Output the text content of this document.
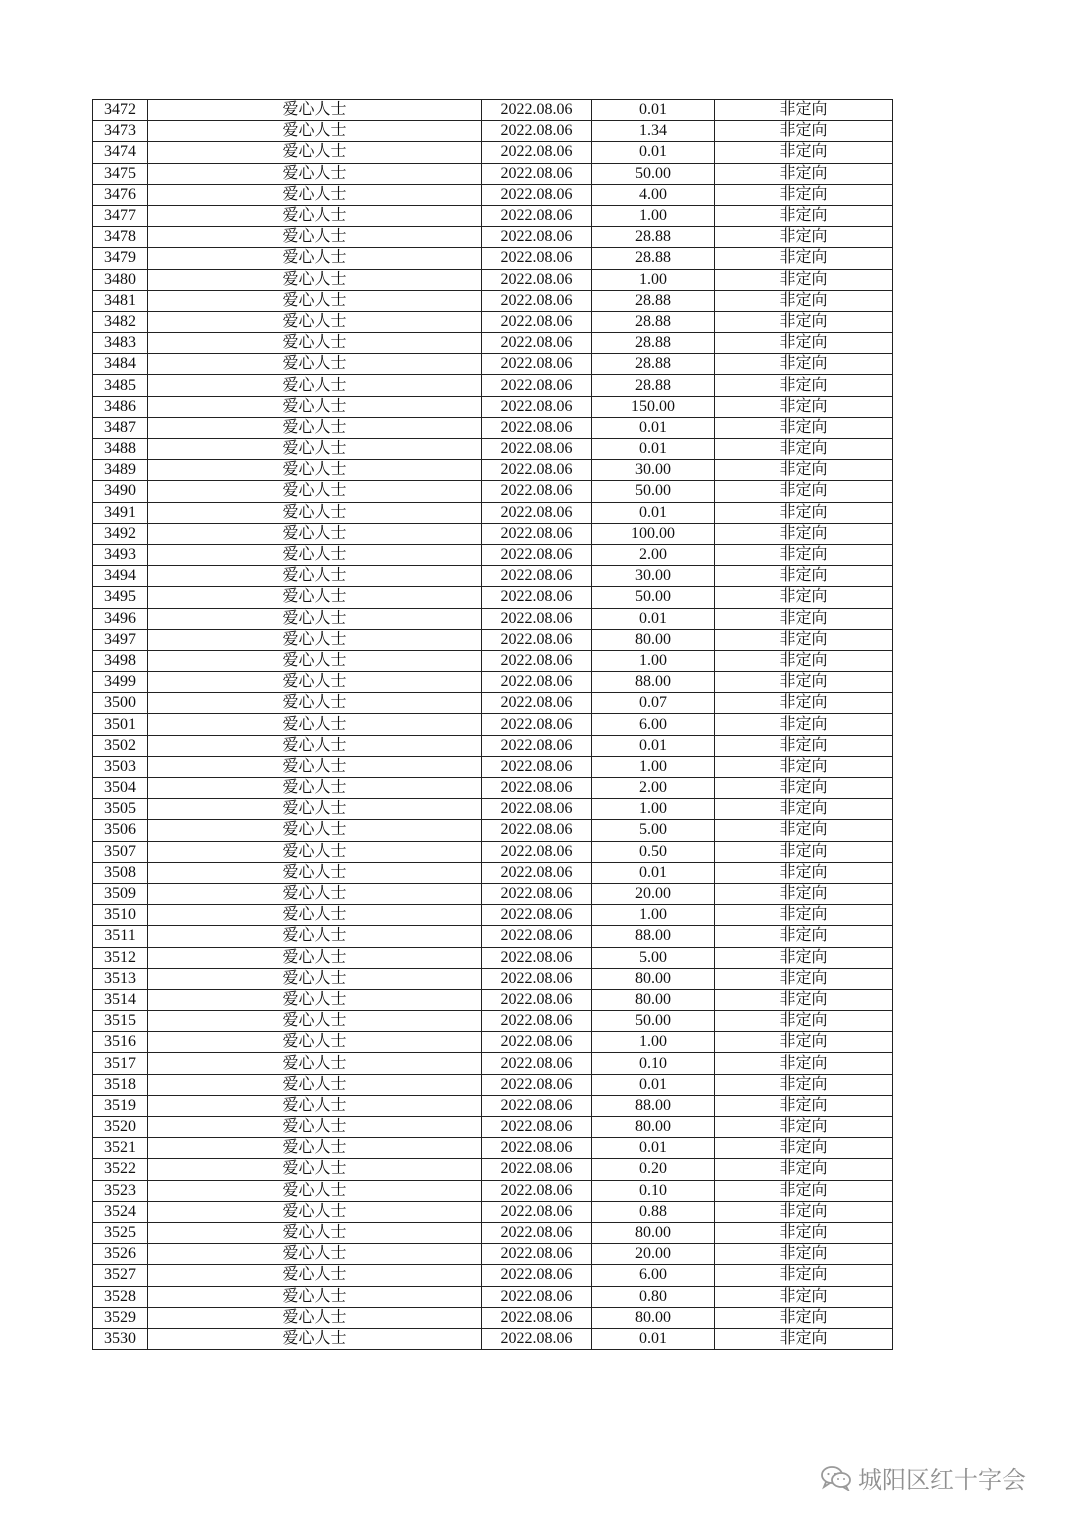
3472	爱心人士	2022.08.06	0.01	非定向
3473	爱心人士	2022.08.06	1.34	非定向
3474	爱心人士	2022.08.06	0.01	非定向
3475	爱心人士	2022.08.06	50.00	非定向
3476	爱心人士	2022.08.06	4.00	非定向
3477	爱心人士	2022.08.06	1.00	非定向
3478	爱心人士	2022.08.06	28.88	非定向
3479	爱心人士	2022.08.06	28.88	非定向
3480	爱心人士	2022.08.06	1.00	非定向
3481	爱心人士	2022.08.06	28.88	非定向
3482	爱心人士	2022.08.06	28.88	非定向
3483	爱心人士	2022.08.06	28.88	非定向
3484	爱心人士	2022.08.06	28.88	非定向
3485	爱心人士	2022.08.06	28.88	非定向
3486	爱心人士	2022.08.06	150.00	非定向
3487	爱心人士	2022.08.06	0.01	非定向
3488	爱心人士	2022.08.06	0.01	非定向
3489	爱心人士	2022.08.06	30.00	非定向
3490	爱心人士	2022.08.06	50.00	非定向
3491	爱心人士	2022.08.06	0.01	非定向
3492	爱心人士	2022.08.06	100.00	非定向
3493	爱心人士	2022.08.06	2.00	非定向
3494	爱心人士	2022.08.06	30.00	非定向
3495	爱心人士	2022.08.06	50.00	非定向
3496	爱心人士	2022.08.06	0.01	非定向
3497	爱心人士	2022.08.06	80.00	非定向
3498	爱心人士	2022.08.06	1.00	非定向
3499	爱心人士	2022.08.06	88.00	非定向
3500	爱心人士	2022.08.06	0.07	非定向
3501	爱心人士	2022.08.06	6.00	非定向
3502	爱心人士	2022.08.06	0.01	非定向
3503	爱心人士	2022.08.06	1.00	非定向
3504	爱心人士	2022.08.06	2.00	非定向
3505	爱心人士	2022.08.06	1.00	非定向
3506	爱心人士	2022.08.06	5.00	非定向
3507	爱心人士	2022.08.06	0.50	非定向
3508	爱心人士	2022.08.06	0.01	非定向
3509	爱心人士	2022.08.06	20.00	非定向
3510	爱心人士	2022.08.06	1.00	非定向
3511	爱心人士	2022.08.06	88.00	非定向
3512	爱心人士	2022.08.06	5.00	非定向
3513	爱心人士	2022.08.06	80.00	非定向
3514	爱心人士	2022.08.06	80.00	非定向
3515	爱心人士	2022.08.06	50.00	非定向
3516	爱心人士	2022.08.06	1.00	非定向
3517	爱心人士	2022.08.06	0.10	非定向
3518	爱心人士	2022.08.06	0.01	非定向
3519	爱心人士	2022.08.06	88.00	非定向
3520	爱心人士	2022.08.06	80.00	非定向
3521	爱心人士	2022.08.06	0.01	非定向
3522	爱心人士	2022.08.06	0.20	非定向
3523	爱心人士	2022.08.06	0.10	非定向
3524	爱心人士	2022.08.06	0.88	非定向
3525	爱心人士	2022.08.06	80.00	非定向
3526	爱心人士	2022.08.06	20.00	非定向
3527	爱心人士	2022.08.06	6.00	非定向
3528	爱心人士	2022.08.06	0.80	非定向
3529	爱心人士	2022.08.06	80.00	非定向
3530	爱心人士	2022.08.06	0.01	非定向
城阳区红十字会
